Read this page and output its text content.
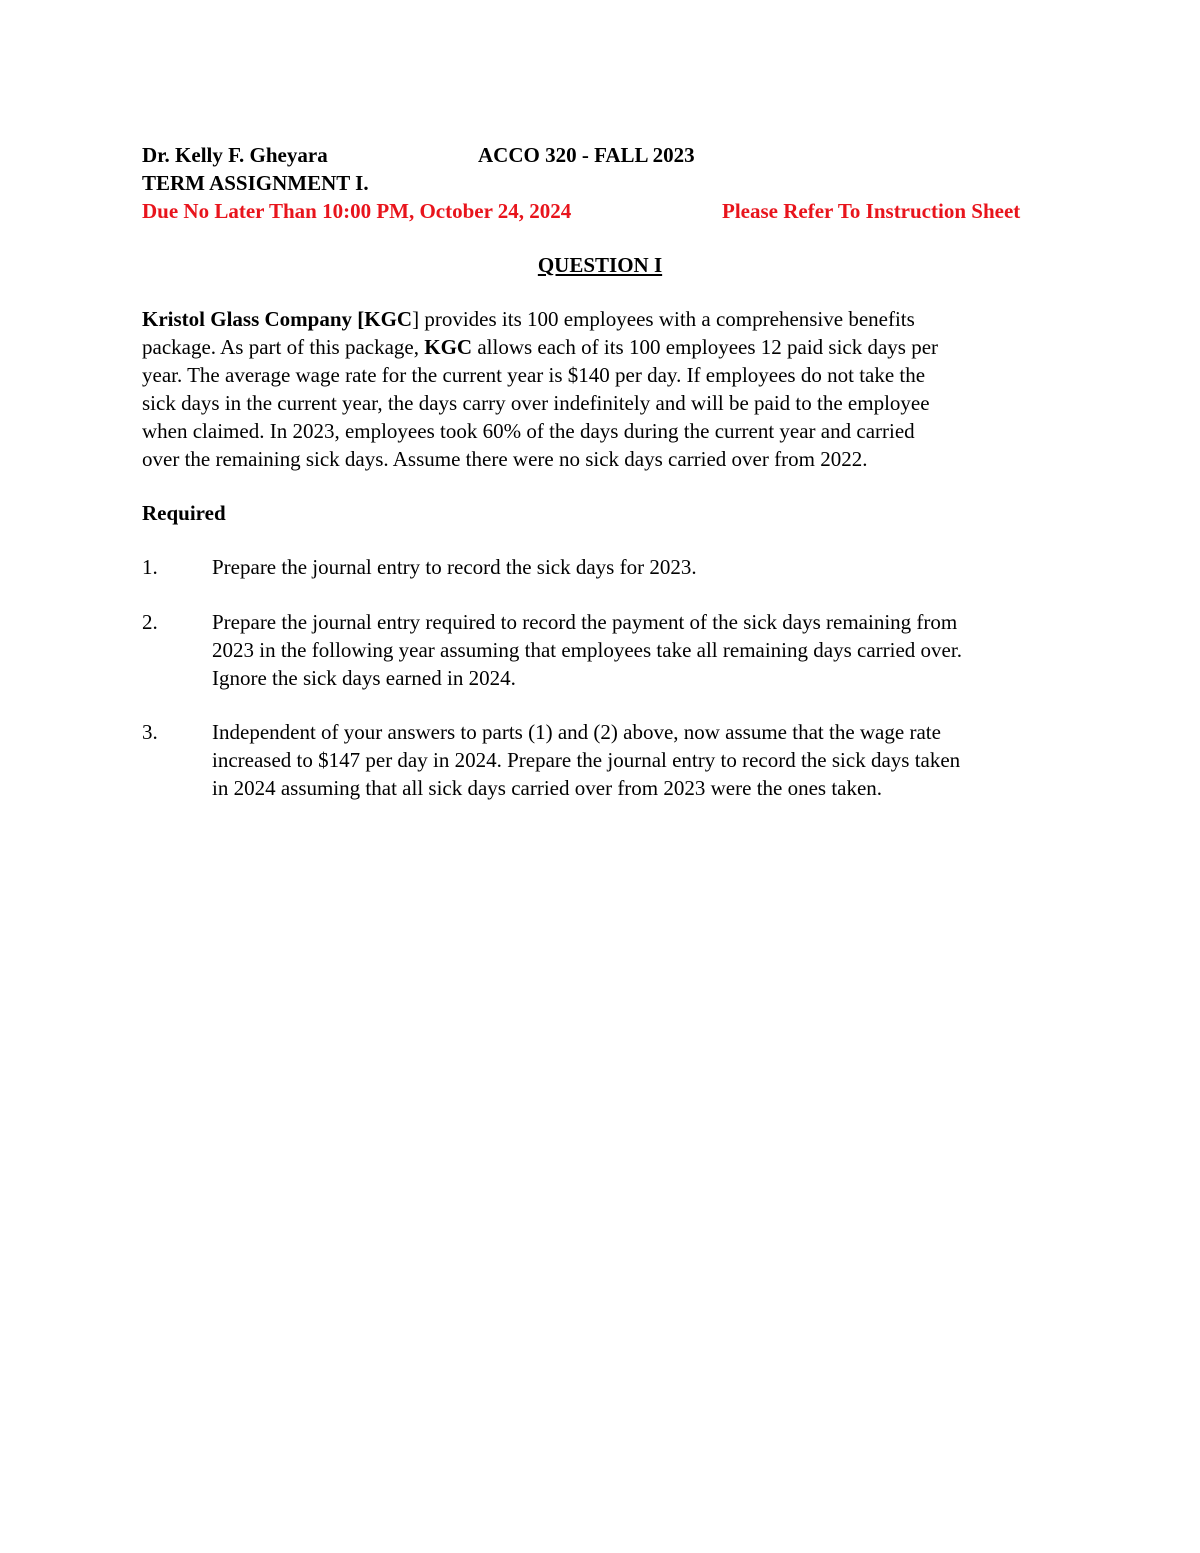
Dr. Kelly F. Gheyara	ACCO 320 - FALL 2023
TERM ASSIGNMENT I.
Due No Later Than 10:00 PM, October 24, 2024	Please Refer To Instruction Sheet
QUESTION I
Kristol Glass Company [KGC] provides its 100 employees with a comprehensive benefits
package. As part of this package, KGC allows each of its 100 employees 12 paid sick days per
year. The average wage rate for the current year is $140 per day. If employees do not take the
sick days in the current year, the days carry over indefinitely and will be paid to the employee
when claimed. In 2023, employees took 60% of the days during the current year and carried
over the remaining sick days. Assume there were no sick days carried over from 2022.
Required
1.	Prepare the journal entry to record the sick days for 2023.
2.	Prepare the journal entry required to record the payment of the sick days remaining from
2023 in the following year assuming that employees take all remaining days carried over.
Ignore the sick days earned in 2024.
3.	Independent of your answers to parts (1) and (2) above, now assume that the wage rate
increased to $147 per day in 2024. Prepare the journal entry to record the sick days taken
in 2024 assuming that all sick days carried over from 2023 were the ones taken.
